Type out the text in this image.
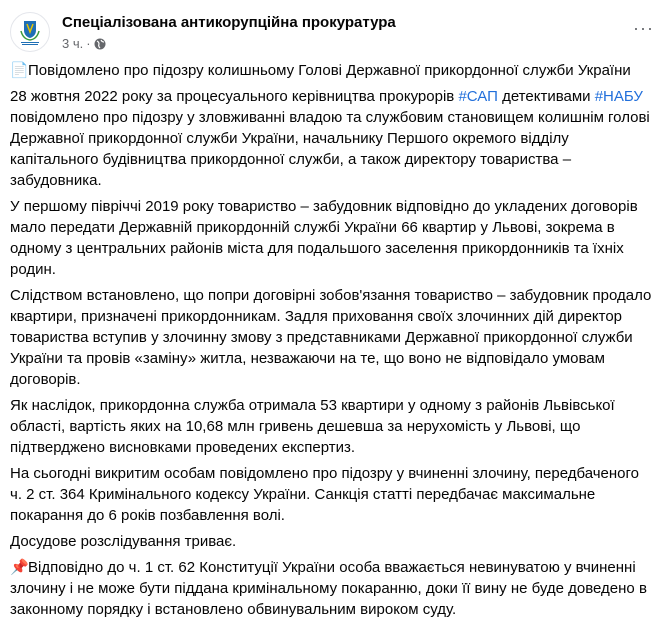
Спеціалізована антикорупційна прокуратура
3 ч. ·
···
📄Повідомлено про підозру колишньому Голові Державної прикордонної служби України
28 жовтня 2022 року за процесуального керівництва прокурорів #САП детективами #НАБУ
повідомлено про підозру у зловживанні владою та службовим становищем колишнім голові
Державної прикордонної служби України, начальнику Першого окремого відділу
капітального будівництва прикордонної служби, а також директору товариства –
забудовника.
У першому півріччі 2019 року товариство – забудовник відповідно до укладених договорів
мало передати Державній прикордонній службі України 66 квартир у Львові, зокрема в
одному з центральних районів міста для подальшого заселення прикордонників та їхніх
родин.
Слідством встановлено, що попри договірні зобов'язання товариство – забудовник продало
квартири, призначені прикордонникам. Задля приховання своїх злочинних дій директор
товариства вступив у злочинну змову з представниками Державної прикордонної служби
України та провів «заміну» житла, незважаючи на те, що воно не відповідало умовам
договорів.
Як наслідок, прикордонна служба отримала 53 квартири у одному з районів Львівської
області, вартість яких на 10,68 млн гривень дешевша за нерухомість у Львові, що
підтверджено висновками проведених експертиз.
На сьогодні викритим особам повідомлено про підозру у вчиненні злочину, передбаченого
ч. 2 ст. 364 Кримінального кодексу України. Санкція статті передбачає максимальне
покарання до 6 років позбавлення волі.
Досудове розслідування триває.
📌Відповідно до ч. 1 ст. 62 Конституції України особа вважається невинуватою у вчиненні
злочину і не може бути піддана кримінальному покаранню, доки її вину не буде доведено в
законному порядку і встановлено обвинувальним вироком суду.
